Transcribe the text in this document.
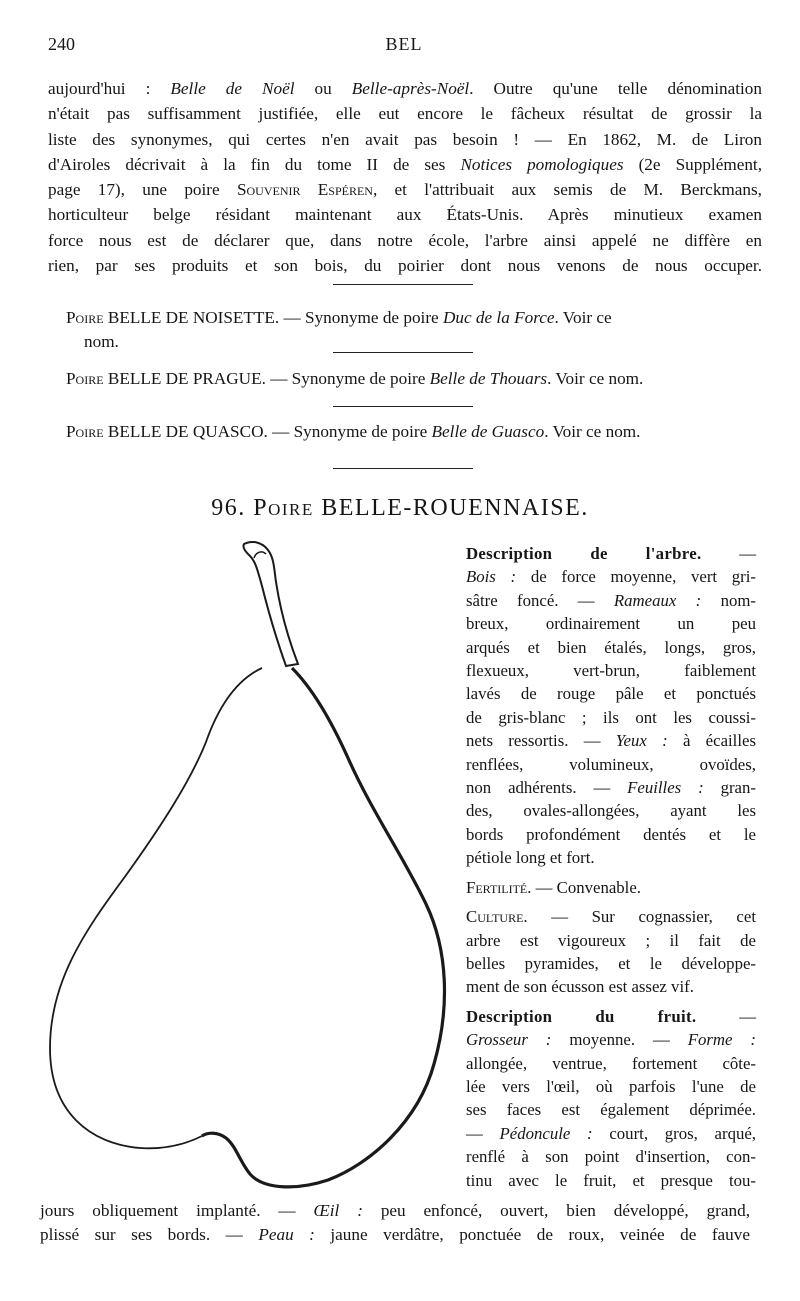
240	BEL
aujourd'hui : Belle de Noël ou Belle-après-Noël. Outre qu'une telle dénomination
n'était pas suffisamment justifiée, elle eut encore le fâcheux résultat de grossir la
liste des synonymes, qui certes n'en avait pas besoin ! — En 1862, M. de Liron
d'Airoles décrivait à la fin du tome II de ses Notices pomologiques (2e Supplément,
page 17), une poire Souvenir Espéren, et l'attribuait aux semis de M. Berckmans,
horticulteur belge résidant maintenant aux États-Unis. Après minutieux examen
force nous est de déclarer que, dans notre école, l'arbre ainsi appelé ne diffère en
rien, par ses produits et son bois, du poirier dont nous venons de nous occuper.
Poire BELLE DE NOISETTE. — Synonyme de poire Duc de la Force. Voir ce
nom.
Poire BELLE DE PRAGUE. — Synonyme de poire Belle de Thouars. Voir ce nom.
Poire BELLE DE QUASCO. — Synonyme de poire Belle de Guasco. Voir ce nom.
96. Poire BELLE-ROUENNAISE.
Description de l'arbre. —
Bois : de force moyenne, vert gri-
sâtre foncé. — Rameaux : nom-
breux, ordinairement un peu
arqués et bien étalés, longs, gros,
flexueux, vert-brun, faiblement
lavés de rouge pâle et ponctués
de gris-blanc ; ils ont les coussi-
nets ressortis. — Yeux : à écailles
renflées, volumineux, ovoïdes,
non adhérents. — Feuilles : gran-
des, ovales-allongées, ayant les
bords profondément dentés et le
pétiole long et fort.
Fertilité. — Convenable.
Culture. — Sur cognassier, cet
arbre est vigoureux ; il fait de
belles pyramides, et le développe-
ment de son écusson est assez vif.
Description du fruit. —
Grosseur : moyenne. — Forme :
allongée, ventrue, fortement côte-
lée vers l'œil, où parfois l'une de
ses faces est également déprimée.
— Pédoncule : court, gros, arqué,
renflé à son point d'insertion, con-
tinu avec le fruit, et presque tou-
jours obliquement implanté. — Œil : peu enfoncé, ouvert, bien développé, grand,
plissé sur ses bords. — Peau : jaune verdâtre, ponctuée de roux, veinée de fauve
